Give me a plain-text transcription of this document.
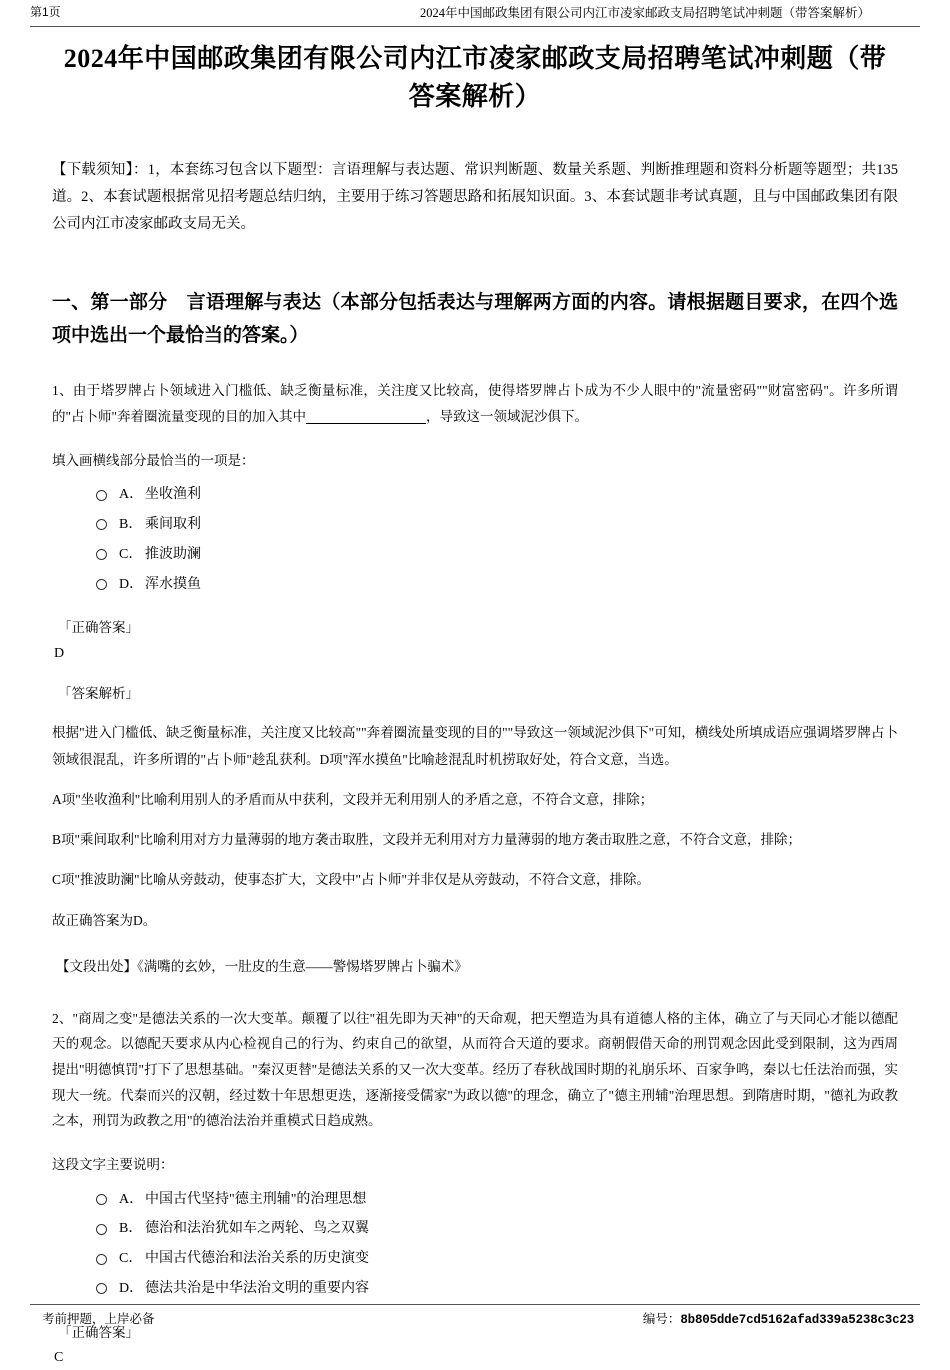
第1页	2024年中国邮政集团有限公司内江市凌家邮政支局招聘笔试冲刺题（带答案解析）
2024年中国邮政集团有限公司内江市凌家邮政支局招聘笔试冲刺题（带答案解析）
【下载须知】：1，本套练习包含以下题型：言语理解与表达题、常识判断题、数量关系题、判断推理题和资料分析题等题型；共135道。2、本套试题根据常见招考题总结归纳，主要用于练习答题思路和拓展知识面。3、本套试题非考试真题，且与中国邮政集团有限公司内江市凌家邮政支局无关。
一、第一部分　言语理解与表达（本部分包括表达与理解两方面的内容。请根据题目要求，在四个选项中选出一个最恰当的答案。）
1、由于塔罗牌占卜领域进入门槛低、缺乏衡量标准，关注度又比较高，使得塔罗牌占卜成为不少人眼中的"流量密码""财富密码"。许多所谓的"占卜师"奔着圈流量变现的目的加入其中	，导致这一领域泥沙俱下。
填入画横线部分最恰当的一项是：
A． 坐收渔利
B． 乘间取利
C． 推波助澜
D． 浑水摸鱼
「正确答案」
D
「答案解析」
根据"进入门槛低、缺乏衡量标准，关注度又比较高""奔着圈流量变现的目的""导致这一领域泥沙俱下"可知，横线处所填成语应强调塔罗牌占卜领域很混乱，许多所谓的"占卜师"趁乱获利。D项"浑水摸鱼"比喻趁混乱时机捞取好处，符合文意，当选。
A项"坐收渔利"比喻利用别人的矛盾而从中获利，文段并无利用别人的矛盾之意，不符合文意，排除；
B项"乘间取利"比喻利用对方力量薄弱的地方袭击取胜，文段并无利用对方力量薄弱的地方袭击取胜之意，不符合文意，排除；
C项"推波助澜"比喻从旁鼓动，使事态扩大，文段中"占卜师"并非仅是从旁鼓动，不符合文意，排除。
故正确答案为D。
【文段出处】《满嘴的玄妙，一肚皮的生意——警惕塔罗牌占卜骗术》
2、"商周之变"是德法关系的一次大变革。颠覆了以往"祖先即为天神"的天命观，把天塑造为具有道德人格的主体，确立了与天同心才能以德配天的观念。以德配天要求从内心检视自己的行为、约束自己的欲望，从而符合天道的要求。商朝假借天命的刑罚观念因此受到限制，这为西周提出"明德慎罚"打下了思想基础。"秦汉更替"是德法关系的又一次大变革。经历了春秋战国时期的礼崩乐坏、百家争鸣，秦以七任法治而强，实现大一统。代秦而兴的汉朝，经过数十年思想更迭，逐渐接受儒家"为政以德"的理念，确立了"德主刑辅"治理思想。到隋唐时期，"德礼为政教之本，刑罚为政教之用"的德治法治并重模式日趋成熟。
这段文字主要说明：
A． 中国古代坚持"德主刑辅"的治理思想
B． 德治和法治犹如车之两轮、鸟之双翼
C． 中国古代德治和法治关系的历史演变
D． 德法共治是中华法治文明的重要内容
「正确答案」
C
考前押题，上岸必备	编号：8b805dde7cd5162afad339a5238c3c23
